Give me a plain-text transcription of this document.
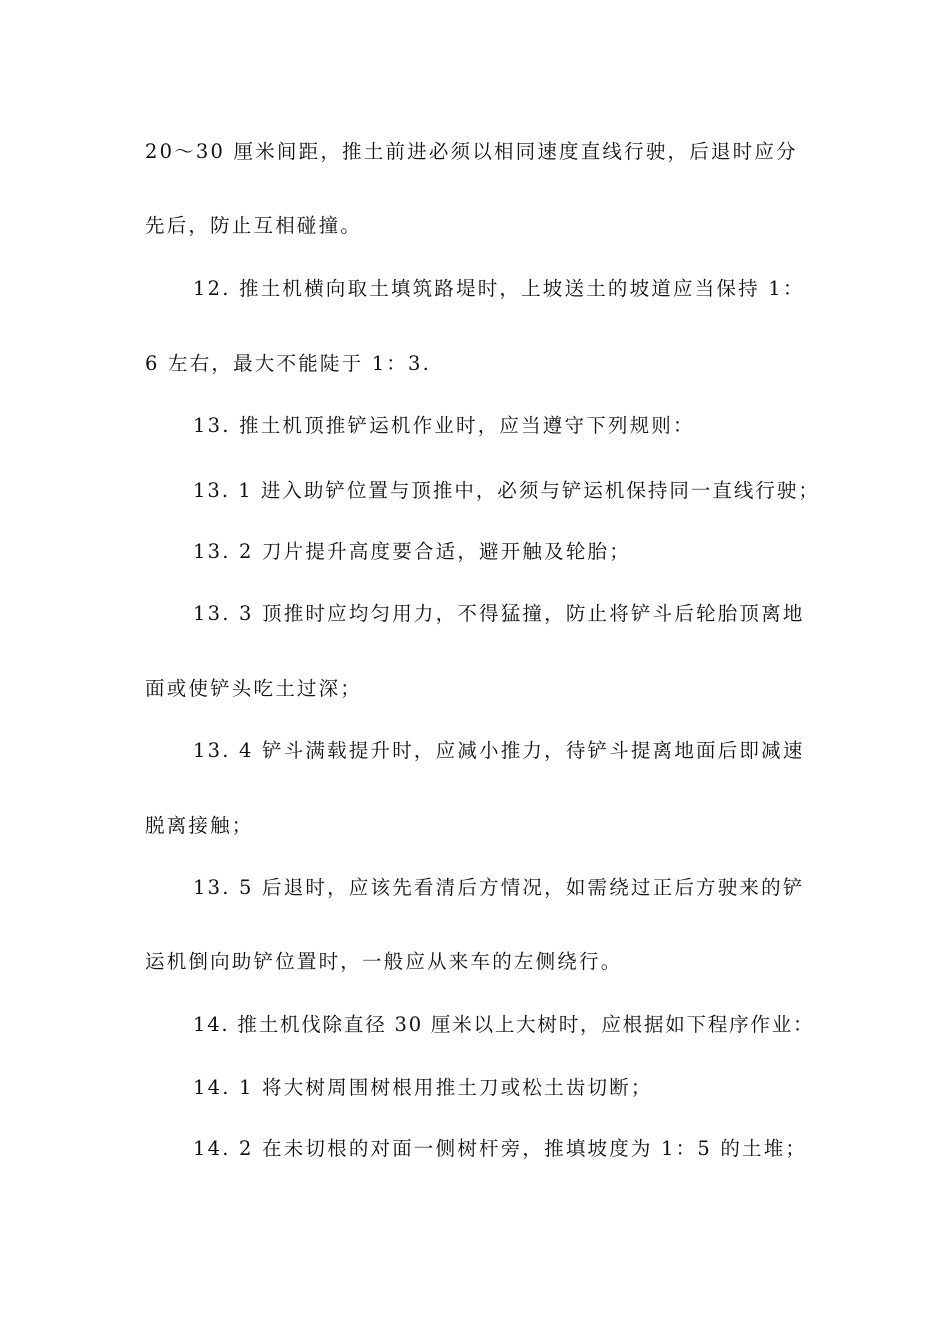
20～30 厘米间距，推土前进必须以相同速度直线行驶，后退时应分

先后，防止互相碰撞。

12. 推土机横向取土填筑路堤时，上坡送土的坡道应当保持 1：

6 左右，最大不能陡于 1：3.

13. 推土机顶推铲运机作业时，应当遵守下列规则：

13. 1 进入助铲位置与顶推中，必须与铲运机保持同一直线行驶；

13. 2 刀片提升高度要合适，避开触及轮胎；

13. 3 顶推时应均匀用力，不得猛撞，防止将铲斗后轮胎顶离地

面或使铲头吃土过深；

13. 4 铲斗满载提升时，应减小推力，待铲斗提离地面后即减速

脱离接触；

13. 5 后退时，应该先看清后方情况，如需绕过正后方驶来的铲

运机倒向助铲位置时，一般应从来车的左侧绕行。

14. 推土机伐除直径 30 厘米以上大树时，应根据如下程序作业：

14. 1 将大树周围树根用推土刀或松土齿切断；

14. 2 在未切根的对面一侧树杆旁，推填坡度为 1：5 的土堆；
